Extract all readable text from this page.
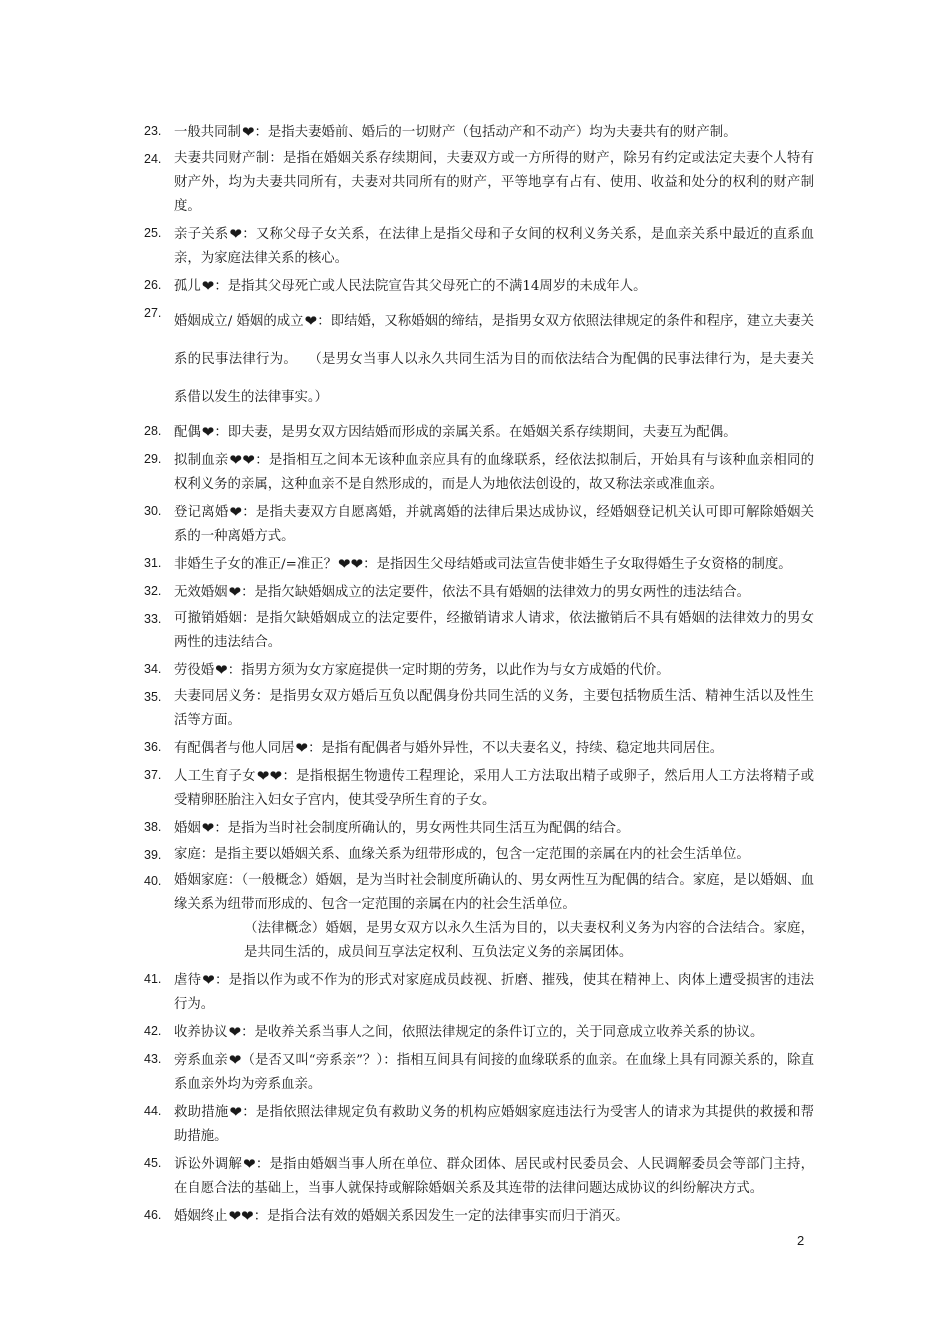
23. 一般共同制❤：是指夫妻婚前、婚后的一切财产（包括动产和不动产）均为夫妻共有的财产制。
24. 夫妻共同财产制：是指在婚姻关系存续期间，夫妻双方或一方所得的财产，除另有约定或法定夫妻个人特有财产外，均为夫妻共同所有，夫妻对共同所有的财产，平等地享有占有、使用、收益和处分的权利的财产制度。
25. 亲子关系❤：又称父母子女关系，在法律上是指父母和子女间的权利义务关系，是血亲关系中最近的直系血亲，为家庭法律关系的核心。
26. 孤儿❤：是指其父母死亡或人民法院宣告其父母死亡的不满14周岁的未成年人。
27.
婚姻成立/ 婚姻的成立❤：即结婚，又称婚姻的缔结，是指男女双方依照法律规定的条件和程序，建立夫妻关系的民事法律行为。 （是男女当事人以永久共同生活为目的而依法结合为配偶的民事法律行为，是夫妻关系借以发生的法律事实。）
28. 配偶❤：即夫妻，是男女双方因结婚而形成的亲属关系。在婚姻关系存续期间，夫妻互为配偶。
29. 拟制血亲❤❤：是指相互之间本无该种血亲应具有的血缘联系，经依法拟制后，开始具有与该种血亲相同的权利义务的亲属，这种血亲不是自然形成的，而是人为地依法创设的，故又称法亲或准血亲。
30. 登记离婚❤：是指夫妻双方自愿离婚，并就离婚的法律后果达成协议，经婚姻登记机关认可即可解除婚姻关系的一种离婚方式。
31. 非婚生子女的准正/=准正？❤❤：是指因生父母结婚或司法宣告使非婚生子女取得婚生子女资格的制度。
32. 无效婚姻❤：是指欠缺婚姻成立的法定要件，依法不具有婚姻的法律效力的男女两性的违法结合。
33. 可撤销婚姻：是指欠缺婚姻成立的法定要件，经撤销请求人请求，依法撤销后不具有婚姻的法律效力的男女两性的违法结合。
34. 劳役婚❤：指男方须为女方家庭提供一定时期的劳务，以此作为与女方成婚的代价。
35. 夫妻同居义务：是指男女双方婚后互负以配偶身份共同生活的义务，主要包括物质生活、精神生活以及性生活等方面。
36. 有配偶者与他人同居❤：是指有配偶者与婚外异性，不以夫妻名义，持续、稳定地共同居住。
37. 人工生育子女❤❤：是指根据生物遗传工程理论，采用人工方法取出精子或卵子，然后用人工方法将精子或受精卵胚胎注入妇女子宫内，使其受孕所生育的子女。
38. 婚姻❤：是指为当时社会制度所确认的，男女两性共同生活互为配偶的结合。
39. 家庭：是指主要以婚姻关系、血缘关系为纽带形成的，包含一定范围的亲属在内的社会生活单位。
40. 婚姻家庭：（一般概念）婚姻，是为当时社会制度所确认的、男女两性互为配偶的结合。家庭，是以婚姻、血缘关系为纽带而形成的、包含一定范围的亲属在内的社会生活单位。
（法律概念）婚姻，是男女双方以永久生活为目的，以夫妻权利义务为内容的合法结合。家庭，是共同生活的，成员间互享法定权利、互负法定义务的亲属团体。
41. 虐待❤：是指以作为或不作为的形式对家庭成员歧视、折磨、摧残，使其在精神上、肉体上遭受损害的违法行为。
42. 收养协议❤：是收养关系当事人之间，依照法律规定的条件订立的，关于同意成立收养关系的协议。
43. 旁系血亲❤（是否又叫“旁系亲”？）：指相互间具有间接的血缘联系的血亲。在血缘上具有同源关系的，除直系血亲外均为旁系血亲。
44. 救助措施❤：是指依照法律规定负有救助义务的机构应婚姻家庭违法行为受害人的请求为其提供的救援和帮助措施。
45. 诉讼外调解❤：是指由婚姻当事人所在单位、群众团体、居民或村民委员会、人民调解委员会等部门主持，在自愿合法的基础上，当事人就保持或解除婚姻关系及其连带的法律问题达成协议的纠纷解决方式。
46. 婚姻终止❤❤：是指合法有效的婚姻关系因发生一定的法律事实而归于消灭。
2
